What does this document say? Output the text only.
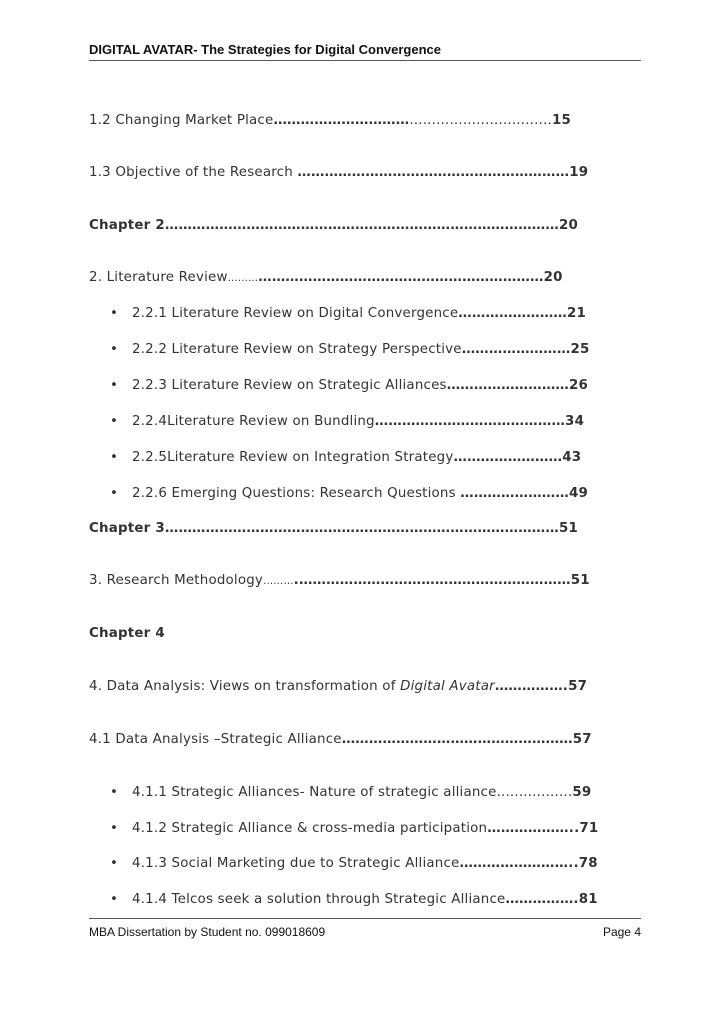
DIGITAL AVATAR- The Strategies for Digital Convergence
1.2 Changing Market Place…………………………................................15
1.3 Objective of the Research ……………………………………………………19
Chapter 2……………………………………………………………………………20
2. Literature Review………………………………………………………………20
• 2.2.1 Literature Review on Digital Convergence……………………21
• 2.2.2 Literature Review on Strategy Perspective……………………25
• 2.2.3 Literature Review on Strategic Alliances………………………26
• 2.2.4Literature Review on Bundling……………………………………34
• 2.2.5Literature Review on Integration Strategy……………………43
• 2.2.6 Emerging Questions: Research Questions ……………………49
Chapter 3……………………………………………………………………………51
3. Research Methodology……….……………………………………………………51
Chapter 4
4. Data Analysis: Views on transformation of Digital Avatar…………….57
4.1 Data Analysis –Strategic Alliance……………………………………………57
• 4.1.1 Strategic Alliances- Nature of strategic alliance.................59
• 4.1.2 Strategic Alliance & cross-media participation………………..71
• 4.1.3 Social Marketing due to Strategic Alliance……………………..78
• 4.1.4 Telcos seek a solution through Strategic Alliance…………….81
MBA Dissertation by Student no. 099018609	Page 4
